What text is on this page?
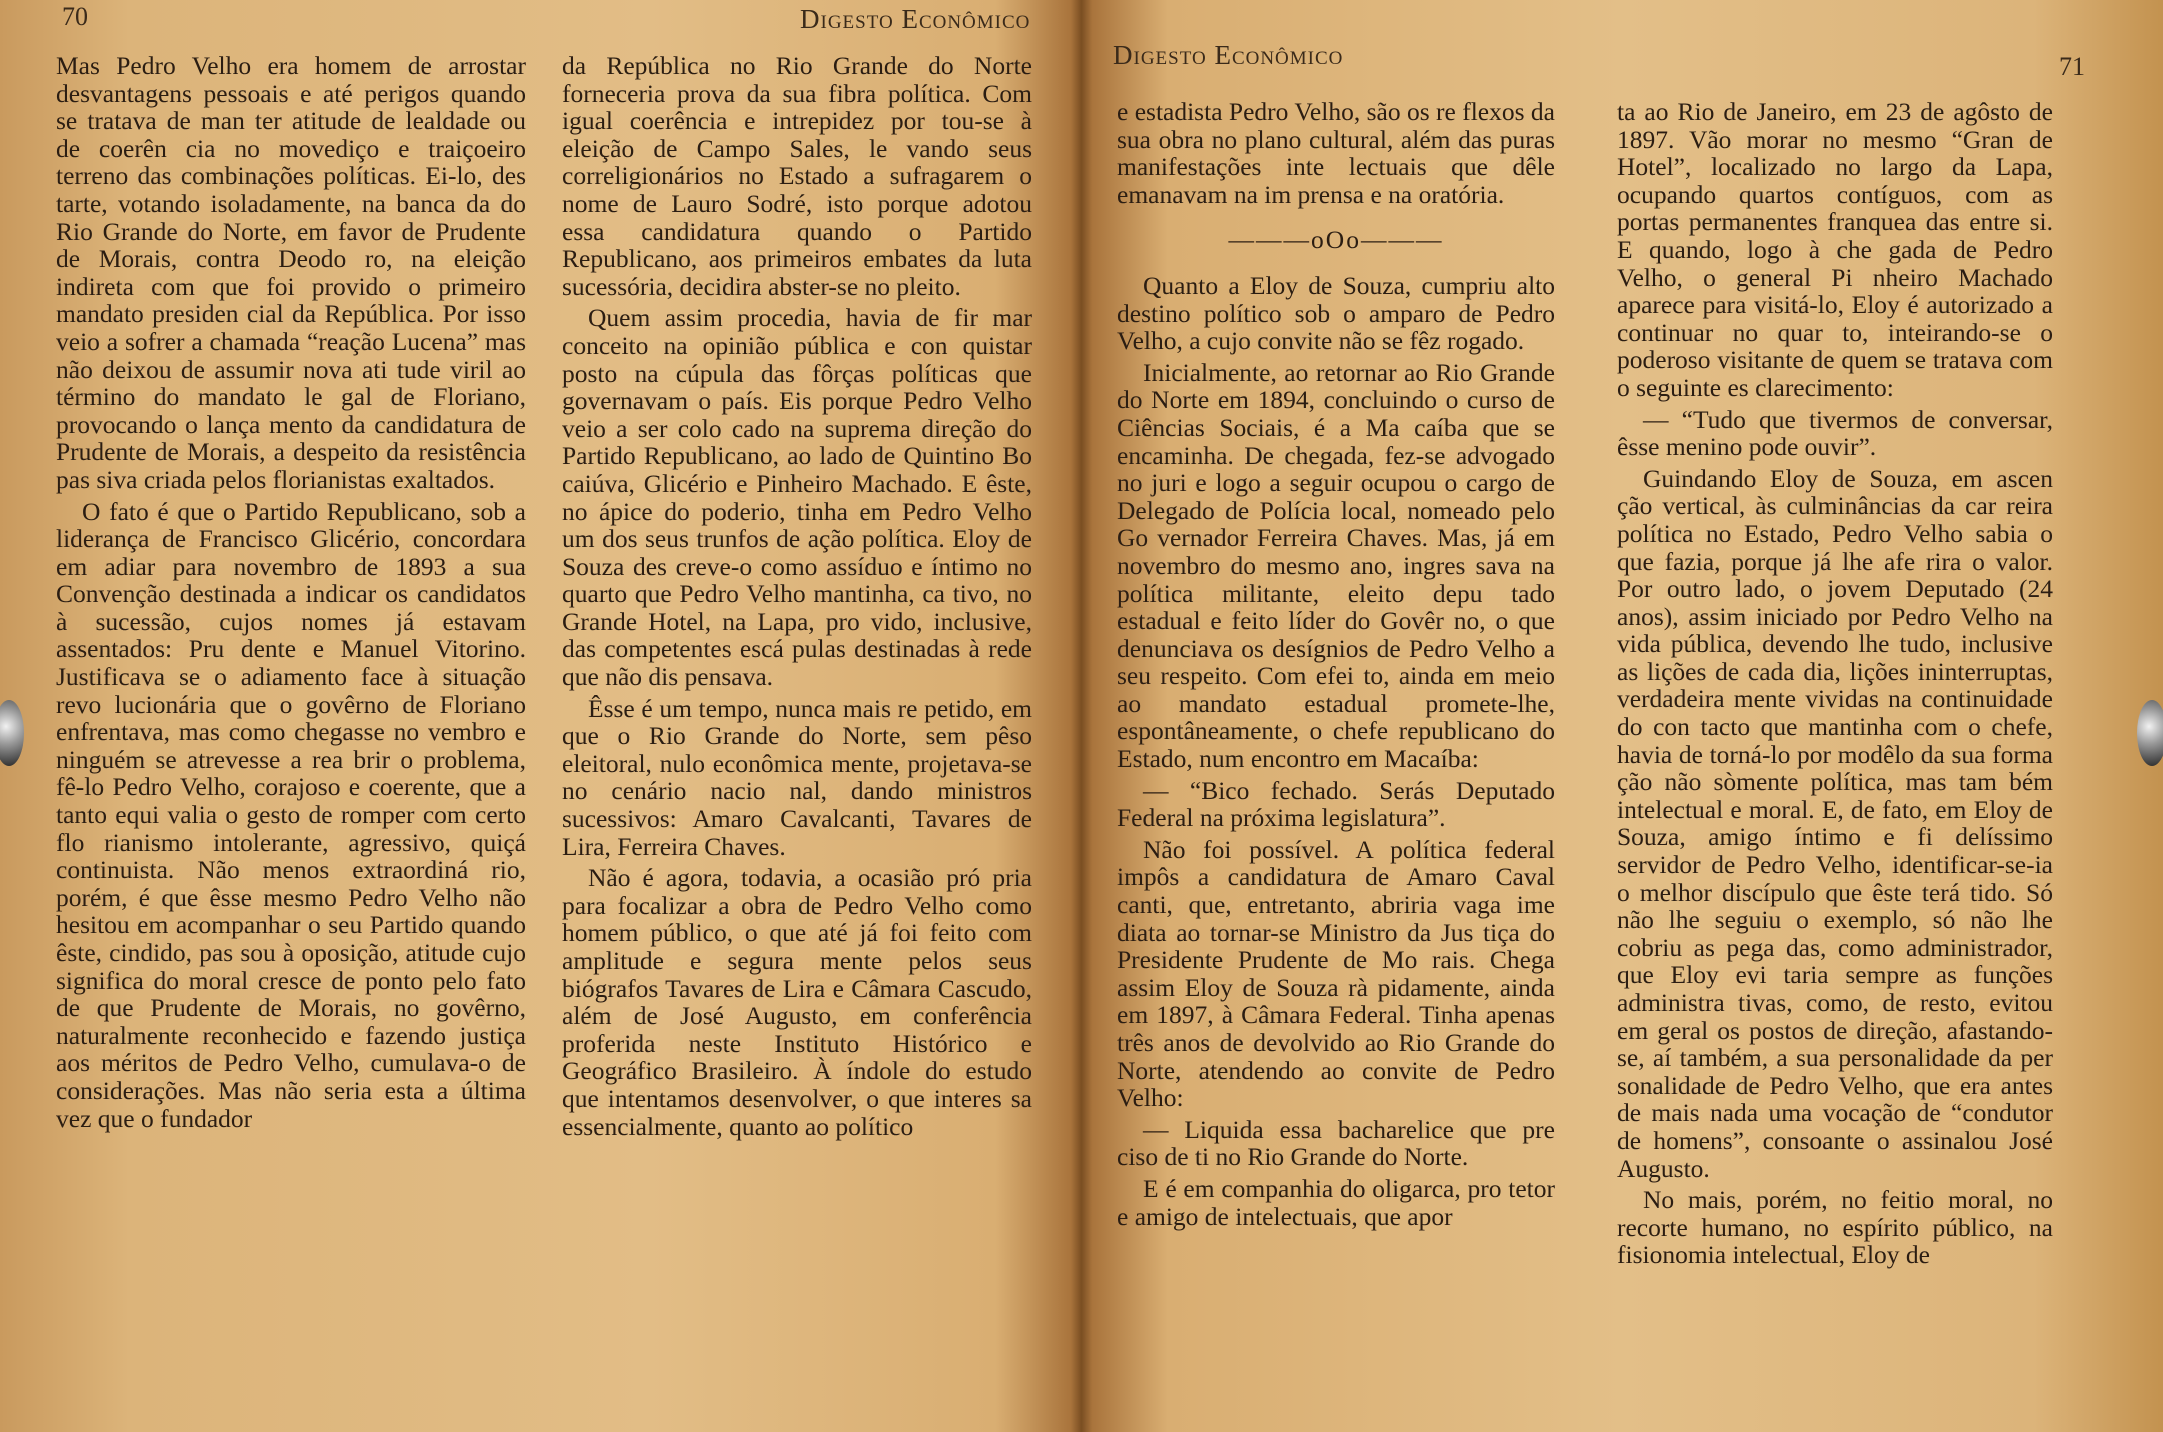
70	Digesto Econômico

Mas Pedro Velho era homem de arrostar desvantagens pessoais e até perigos quando se tratava de man ter atitude de lealdade ou de coerên cia no movediço e traiçoeiro terreno das combinações políticas. Ei-lo, des tarte, votando isoladamente, na banca da do Rio Grande do Norte, em favor de Prudente de Morais, contra Deodo ro, na eleição indireta com que foi provido o primeiro mandato presiden cial da República. Por isso veio a sofrer a chamada “reação Lucena” mas não deixou de assumir nova ati tude viril ao término do mandato le gal de Floriano, provocando o lança mento da candidatura de Prudente de Morais, a despeito da resistência pas siva criada pelos florianistas exaltados.

O fato é que o Partido Republicano, sob a liderança de Francisco Glicério, concordara em adiar para novembro de 1893 a sua Convenção destinada a indicar os candidatos à sucessão, cujos nomes já estavam assentados: Pru dente e Manuel Vitorino. Justificava se o adiamento face à situação revo lucionária que o govêrno de Floriano enfrentava, mas como chegasse no vembro e ninguém se atrevesse a rea brir o problema, fê-lo Pedro Velho, corajoso e coerente, que a tanto equi valia o gesto de romper com certo flo rianismo intolerante, agressivo, quiçá continuista. Não menos extraordiná rio, porém, é que êsse mesmo Pedro Velho não hesitou em acompanhar o seu Partido quando êste, cindido, pas sou à oposição, atitude cujo significa do moral cresce de ponto pelo fato de que Prudente de Morais, no govêrno, naturalmente reconhecido e fazendo justiça aos méritos de Pedro Velho, cumulava-o de considerações. Mas não seria esta a última vez que o fundador

da República no Rio Grande do Norte forneceria prova da sua fibra política. Com igual coerência e intrepidez por tou-se à eleição de Campo Sales, le vando seus correligionários no Estado a sufragarem o nome de Lauro Sodré, isto porque adotou essa candidatura quando o Partido Republicano, aos primeiros embates da luta sucessória, decidira abster-se no pleito.

Quem assim procedia, havia de fir mar conceito na opinião pública e con quistar posto na cúpula das fôrças políticas que governavam o país. Eis porque Pedro Velho veio a ser colo cado na suprema direção do Partido Republicano, ao lado de Quintino Bo caiúva, Glicério e Pinheiro Machado. E êste, no ápice do poderio, tinha em Pedro Velho um dos seus trunfos de ação política. Eloy de Souza des creve-o como assíduo e íntimo no quarto que Pedro Velho mantinha, ca tivo, no Grande Hotel, na Lapa, pro vido, inclusive, das competentes escá pulas destinadas à rede que não dis pensava.

Êsse é um tempo, nunca mais re petido, em que o Rio Grande do Norte, sem pêso eleitoral, nulo econômica mente, projetava-se no cenário nacio nal, dando ministros sucessivos: Amaro Cavalcanti, Tavares de Lira, Ferreira Chaves.

Não é agora, todavia, a ocasião pró pria para focalizar a obra de Pedro Velho como homem público, o que até já foi feito com amplitude e segura mente pelos seus biógrafos Tavares de Lira e Câmara Cascudo, além de José Augusto, em conferência proferida neste Instituto Histórico e Geográfico Brasileiro. À índole do estudo que intentamos desenvolver, o que interes sa essencialmente, quanto ao político

Digesto Econômico	71

e estadista Pedro Velho, são os re flexos da sua obra no plano cultural, além das puras manifestações inte lectuais que dêle emanavam na im prensa e na oratória.

———oOo———

Quanto a Eloy de Souza, cumpriu alto destino político sob o amparo de Pedro Velho, a cujo convite não se fêz rogado.

Inicialmente, ao retornar ao Rio Grande do Norte em 1894, concluindo o curso de Ciências Sociais, é a Ma caíba que se encaminha. De chegada, fez-se advogado no juri e logo a seguir ocupou o cargo de Delegado de Polícia local, nomeado pelo Go vernador Ferreira Chaves. Mas, já em novembro do mesmo ano, ingres sava na política militante, eleito depu tado estadual e feito líder do Govêr no, o que denunciava os desígnios de Pedro Velho a seu respeito. Com efei to, ainda em meio ao mandato estadual promete-lhe, espontâneamente, o chefe republicano do Estado, num encontro em Macaíba:

— “Bico fechado. Serás Deputado Federal na próxima legislatura”.

Não foi possível. A política federal impôs a candidatura de Amaro Caval canti, que, entretanto, abriria vaga ime diata ao tornar-se Ministro da Jus tiça do Presidente Prudente de Mo rais. Chega assim Eloy de Souza rà pidamente, ainda em 1897, à Câmara Federal. Tinha apenas três anos de devolvido ao Rio Grande do Norte, atendendo ao convite de Pedro Velho:

— Liquida essa bacharelice que pre ciso de ti no Rio Grande do Norte.

E é em companhia do oligarca, pro tetor e amigo de intelectuais, que apor

ta ao Rio de Janeiro, em 23 de agôsto de 1897. Vão morar no mesmo “Gran de Hotel”, localizado no largo da Lapa, ocupando quartos contíguos, com as portas permanentes franquea das entre si. E quando, logo à che gada de Pedro Velho, o general Pi nheiro Machado aparece para visitá-lo, Eloy é autorizado a continuar no quar to, inteirando-se o poderoso visitante de quem se tratava com o seguinte es clarecimento:

— “Tudo que tivermos de conversar, êsse menino pode ouvir”.

Guindando Eloy de Souza, em ascen ção vertical, às culminâncias da car reira política no Estado, Pedro Velho sabia o que fazia, porque já lhe afe rira o valor. Por outro lado, o jovem Deputado (24 anos), assim iniciado por Pedro Velho na vida pública, devendo lhe tudo, inclusive as lições de cada dia, lições ininterruptas, verdadeira mente vividas na continuidade do con tacto que mantinha com o chefe, havia de torná-lo por modêlo da sua forma ção não sòmente política, mas tam bém intelectual e moral. E, de fato, em Eloy de Souza, amigo íntimo e fi delíssimo servidor de Pedro Velho, identificar-se-ia o melhor discípulo que êste terá tido. Só não lhe seguiu o exemplo, só não lhe cobriu as pega das, como administrador, que Eloy evi taria sempre as funções administra tivas, como, de resto, evitou em geral os postos de direção, afastando-se, aí também, a sua personalidade da per sonalidade de Pedro Velho, que era antes de mais nada uma vocação de “condutor de homens”, consoante o assinalou José Augusto.

No mais, porém, no feitio moral, no recorte humano, no espírito público, na fisionomia intelectual, Eloy de
